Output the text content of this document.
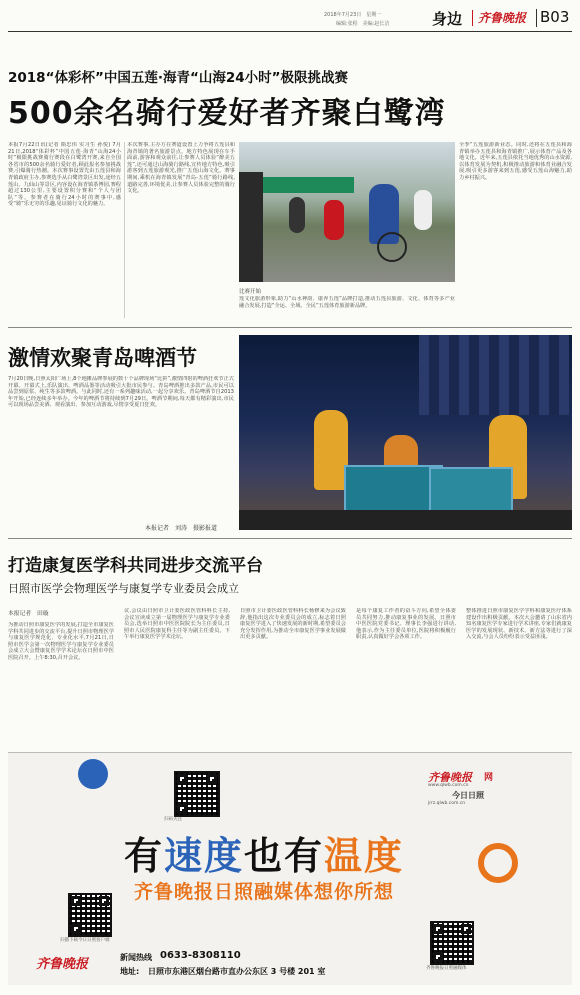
2018年7月23日　星期一
编辑:张程　美编:赵长洁	身边 齐鲁晚报 B03
2018“体彩杯”中国五莲·海青“山海24小时”极限挑战赛
500余名骑行爱好者齐聚白鹭湾
本报7月22日讯(记者 隋忠伟 实习生 孙悦) 7月21日,2018“体彩杯”中国五莲·海青“山海24小时”极限挑战赛骑行赛段在白鹭湾开赛,来自全国各省市的500余名骑行爱好者,顾此报名参加挑战赛,引爆骑行热潮。本次赛事设置先由五莲县和海青镇政府主办,参赛选手从白鹭湾景区出发,途经五莲山、九仙山等景区,内容设在海青镇茶博园,赛程超过130公里,主要设置积分赛和“个人与团队”等。参赛者在骑行24小时的赛事中,感受“骑”乐无穷的乐趣,见证骑行文化的魅力。
本次赛事,主办方在赛道设置上力争将五莲县和海青镇的著名旅游景点、地方特色展现在车手面前,游客和观众前往,让参赛人员体验“醉美五莲”,还可通过山海骑行路线,宣传地方特色,吸引游客到五莲旅游观光,推广五莲山海文化。赛事期间,乘机在海青镇发展“青岛-五莲”骑行路线,道路完善,环境优美,让参赛人员体验完整的骑行文化。
比赛开始
莲文化旅游形象,助力“山水神韵、康养五莲”品牌打造,推动五莲县旅游、文化、体育等多产业融合发展,打造“全运、全域、全民”五莲体育旅游新品牌。
全季“五莲旅游新业态。同时,还将在五莲县和海青镇举办五莲县和海青镇推广,展示体育产品及各地文化。近年来,五莲县依托当地优秀的山水资源,以体育发展为契机,积极推动旅游和体育业融合发展,吸引更多游客来到五莲,感受五莲山海魅力,助力乡村振兴。
激情欢聚青岛啤酒节
7月20日晚,日照太阳广场上,8个地摊品牌参展的数十个品牌现场“比拼”,激情四射的啤酒狂欢节正式开幕。开幕式上,乐队演出、啤酒品鉴等活动吸引大批市民参与。青岛啤酒推出多款产品,市民可以品尝到原浆、纯生等多款啤酒。与此同时,还有一系列趣味活动,一起分享欢乐。青岛啤酒节自2013年开始,已经连续多年举办。今年的啤酒节将持续到7月29日。啤酒节期间,每天都有精彩演出,市民可以现场品尝美酒、观看演出、参加互动游戏,尽情享受夏日狂欢。
本报记者　刘涛　摄影报道
打造康复医学科共同进步交流平台
日照市医学会物理医学与康复学专业委员会成立
本报记者　田璇
为推动日照市康复医学的发展,打造全市康复医学科共同进步的交流平台,提升日照市物理医学与康复医学规范化、专业化水平,7月21日,日照市医学会第一次物理医学与康复学专业委员会成立大会暨康复医学学术论坛在日照市中医医院召开。上午8:30,召开会议。
议,会议由日照市卫计委医政医管科科长主持,会议宣读成立第一届物理医学与康复学专业委员会,选举日照市中医医院院长为主任委员,日照市人民医院康复科主任等为副主任委员。下午举行康复医学学术论坛。
日照市卫计委医政医管科科长杨修来为会议致辞,他指出这次专业委员会的成立,标志着日照康复医学进入了快速发展的新时期,希望委员会充分发挥作用,为推动全市康复医学事业发展做出更多贡献。
是每个康复工作者的奋斗方向,希望全体委员共同努力,推动康复事业的发展。日照市中医医院党委书记、理事长李强进行讲话,他表示,作为主任委员单位,医院将积极履行职责,认真做好学会各项工作。
整体推进日照市康复医学学科和康复医疗体系建设作出积极贡献。本次大会邀请了山东省内知名康复医学专家进行学术讲座,专家们就康复医学的发展现状、新技术、新方法等进行了深入交流,与会人员纷纷表示受益匪浅。
扫码关注
齐鲁晚报 网
www.qlwb.com.cn
今日日照
jrrz.qlwb.com.cn
有速度也有温度
齐鲁晚报日照融媒体想你所想
扫描下载今日日照客户端
齐鲁晚报日照融媒体
齐鲁晚报	新闻热线 0633-8308110
地址: 日照市东港区烟台路市直办公东区 3 号楼 201 室
